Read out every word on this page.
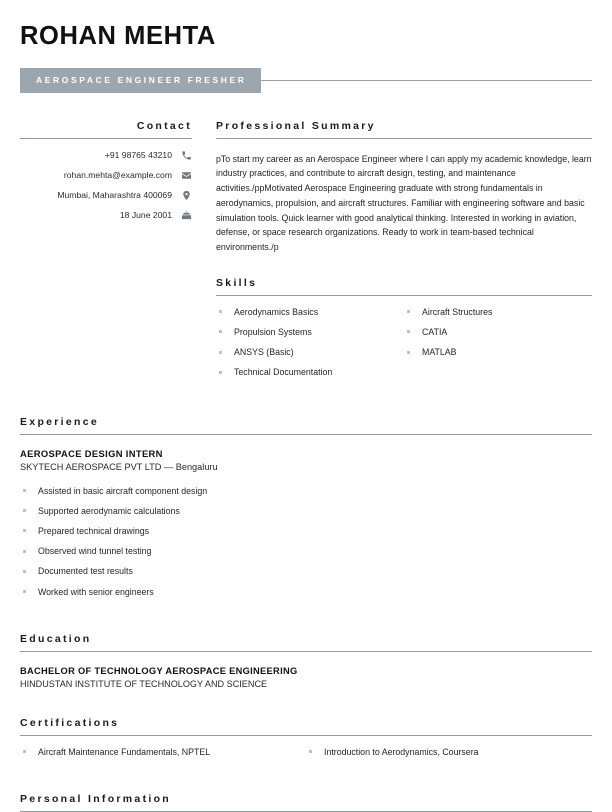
ROHAN MEHTA
AEROSPACE ENGINEER FRESHER
Contact
+91 98765 43210
rohan.mehta@example.com
Mumbai, Maharashtra 400069
18 June 2001
Professional Summary
pTo start my career as an Aerospace Engineer where I can apply my academic knowledge, learn industry practices, and contribute to aircraft design, testing, and maintenance activities./ppMotivated Aerospace Engineering graduate with strong fundamentals in aerodynamics, propulsion, and aircraft structures. Familiar with engineering software and basic simulation tools. Quick learner with good analytical thinking. Interested in working in aviation, defense, or space research organizations. Ready to work in team-based technical environments./p
Skills
Aerodynamics Basics	Aircraft Structures
Propulsion Systems	CATIA
ANSYS (Basic)	MATLAB
Technical Documentation
Experience
AEROSPACE DESIGN INTERN
SKYTECH AEROSPACE PVT LTD — Bengaluru
Assisted in basic aircraft component design
Supported aerodynamic calculations
Prepared technical drawings
Observed wind tunnel testing
Documented test results
Worked with senior engineers
Education
BACHELOR OF TECHNOLOGY AEROSPACE ENGINEERING
HINDUSTAN INSTITUTE OF TECHNOLOGY AND SCIENCE
Certifications
Aircraft Maintenance Fundamentals, NPTEL	Introduction to Aerodynamics, Coursera
Personal Information
